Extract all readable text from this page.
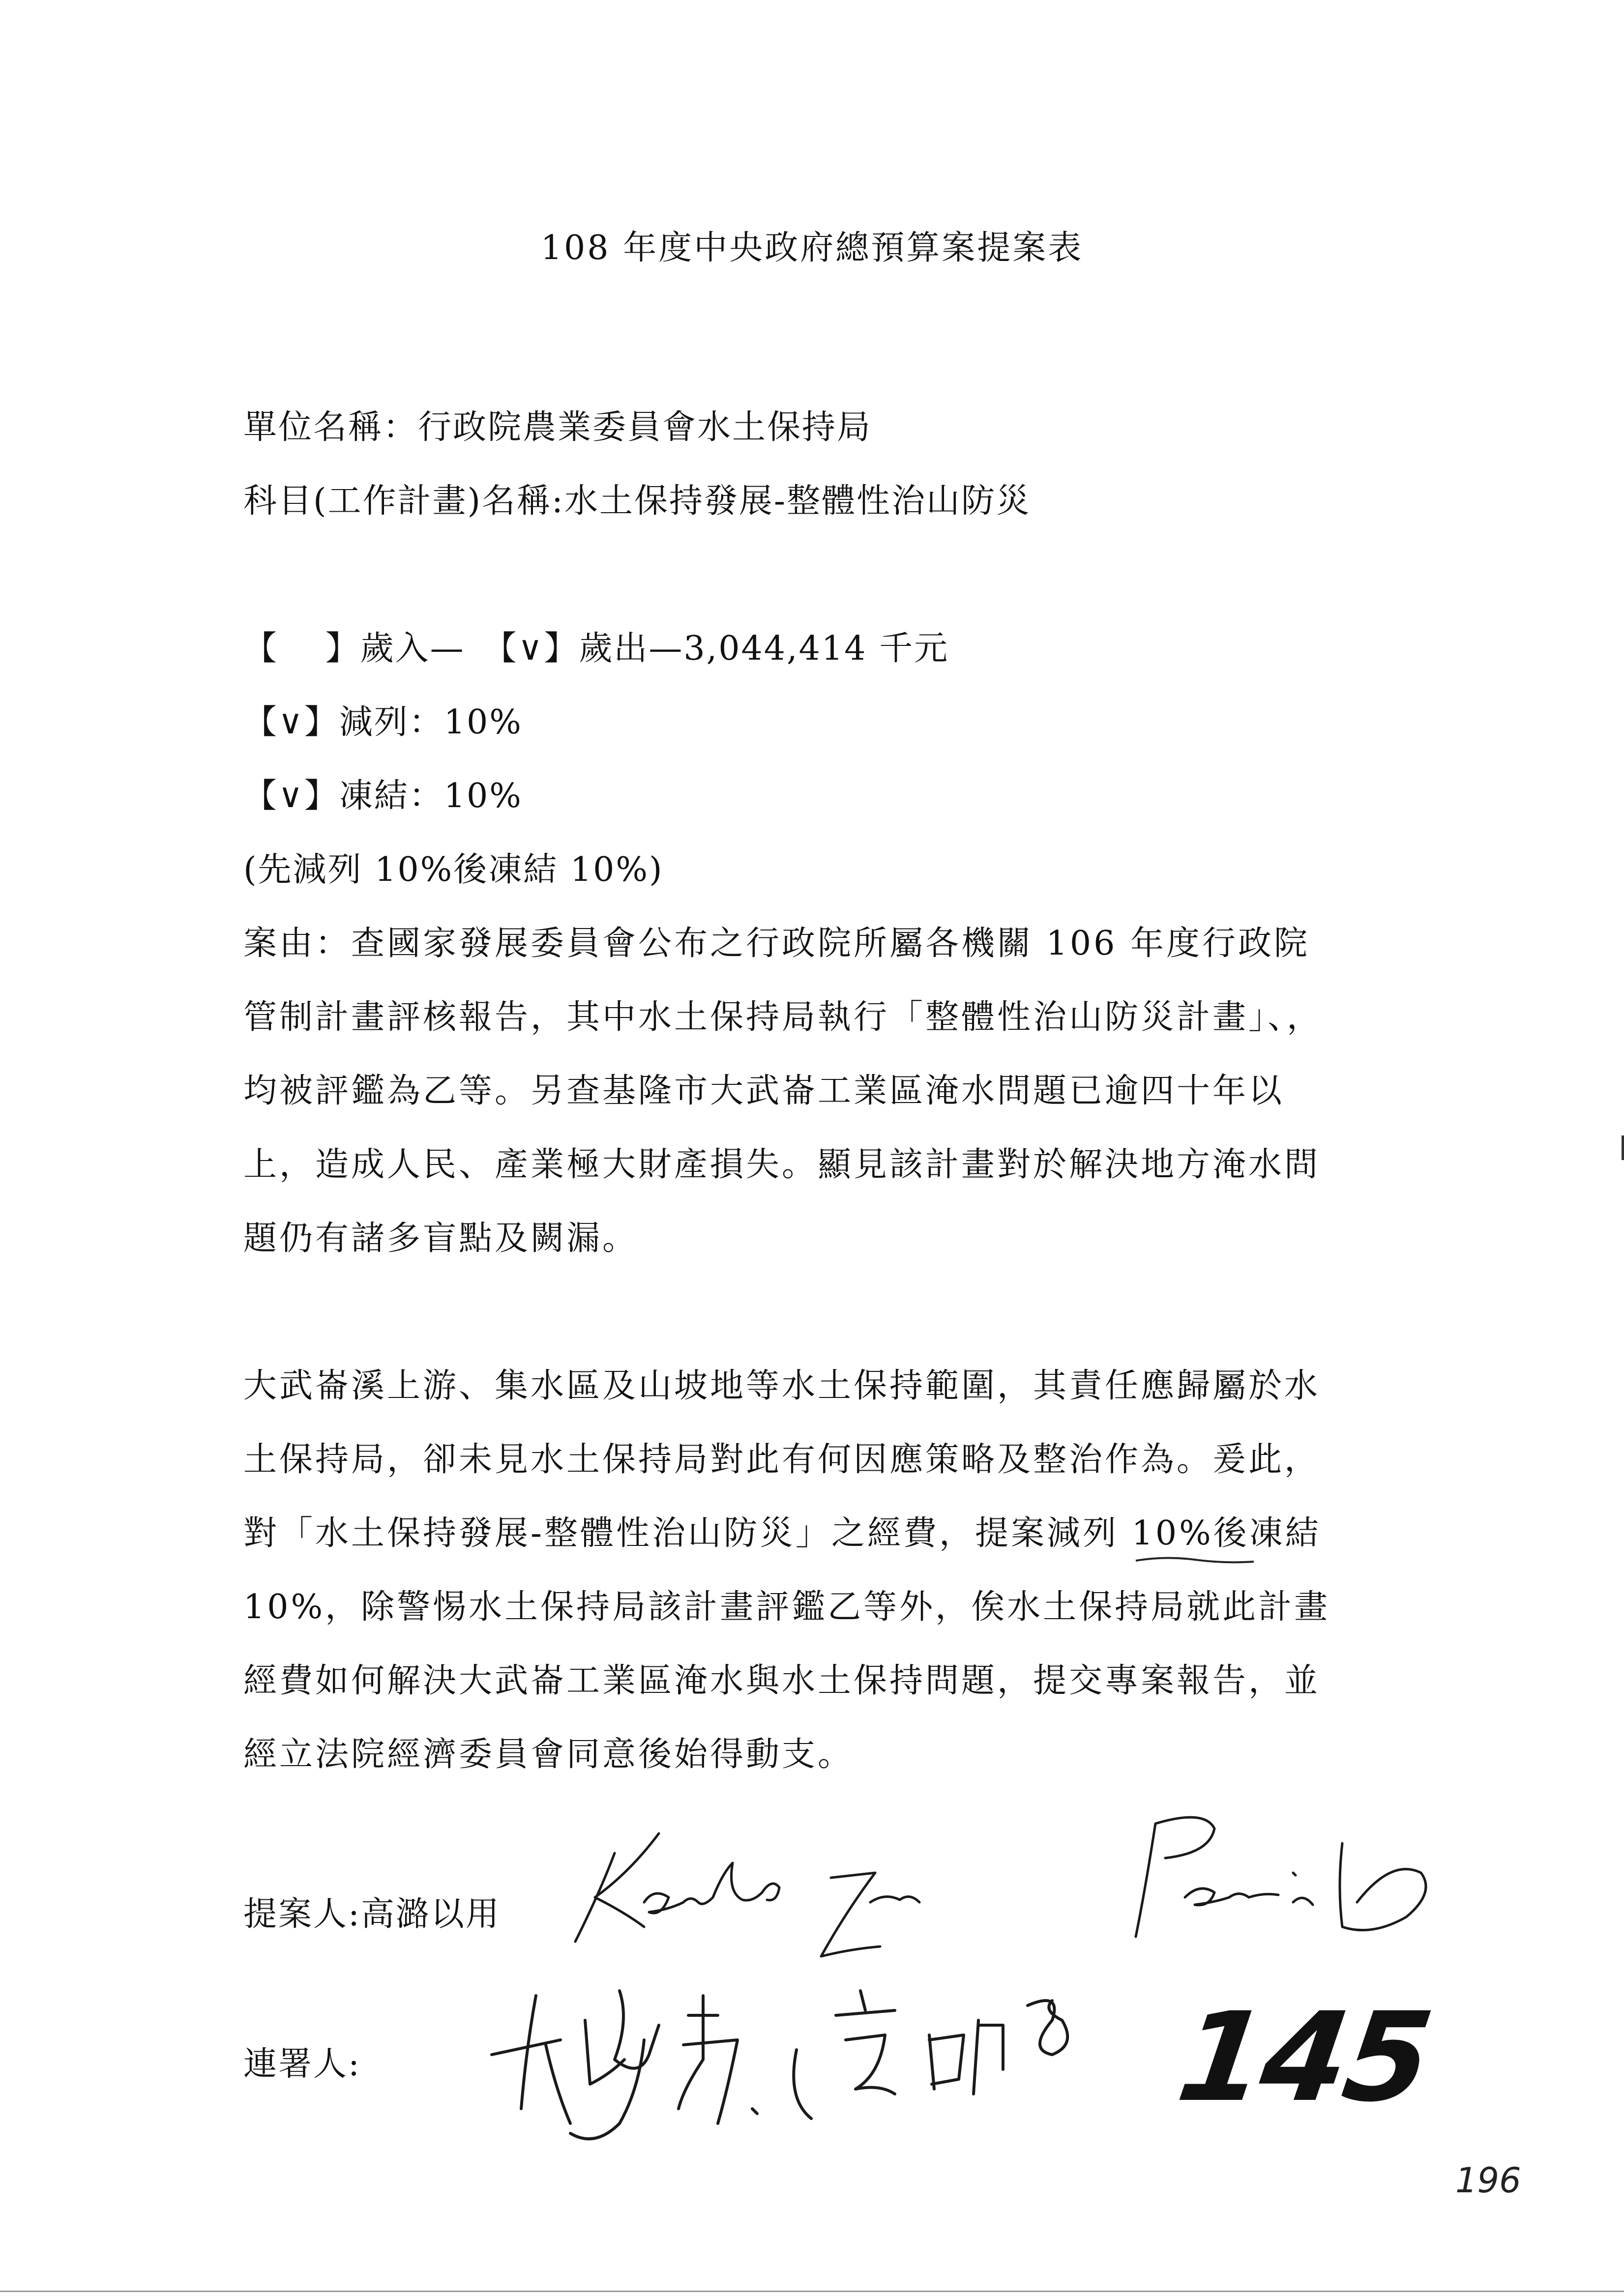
108 年度中央政府總預算案提案表
單位名稱：行政院農業委員會水土保持局
科目(工作計畫)名稱:水土保持發展-整體性治山防災
【　 】歲入—　【∨】歲出—3,044,414 千元
【∨】減列：10%
【∨】凍結：10%
(先減列 10%後凍結 10%)
案由：查國家發展委員會公布之行政院所屬各機關 106 年度行政院
管制計畫評核報告，其中水土保持局執行「整體性治山防災計畫」、，
均被評鑑為乙等。另查基隆市大武崙工業區淹水問題已逾四十年以
上，造成人民、產業極大財產損失。顯見該計畫對於解決地方淹水問
題仍有諸多盲點及闕漏。
大武崙溪上游、集水區及山坡地等水土保持範圍，其責任應歸屬於水
土保持局，卻未見水土保持局對此有何因應策略及整治作為。爰此，
對「水土保持發展-整體性治山防災」之經費，提案減列 10%後凍結
10%，除警惕水土保持局該計畫評鑑乙等外，俟水土保持局就此計畫
經費如何解決大武崙工業區淹水與水土保持問題，提交專案報告，並
經立法院經濟委員會同意後始得動支。
提案人:高潞以用
連署人:	145
196
